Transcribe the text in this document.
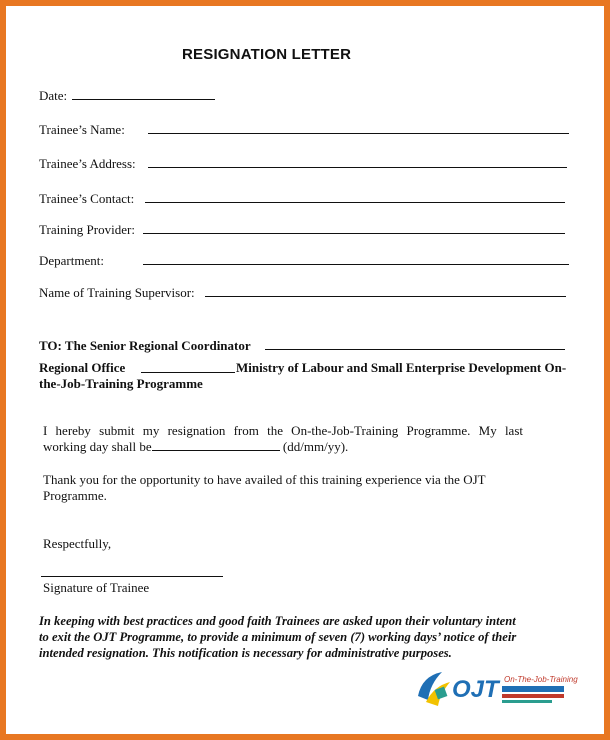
RESIGNATION LETTER
Date:
Trainee’s Name:
Trainee’s Address:
Trainee’s Contact:
Training Provider:
Department:
Name of Training Supervisor:
TO: The Senior Regional Coordinator
Regional Office	Ministry of Labour and Small Enterprise Development On-
the-Job-Training Programme
I hereby submit my resignation from the On-the-Job-Training Programme. My last
working day shall be	(dd/mm/yy).
Thank you for the opportunity to have availed of this training experience via the OJT
Programme.
Respectfully,
Signature of Trainee
In keeping with best practices and good faith Trainees are asked upon their voluntary intent
to exit the OJT Programme, to provide a minimum of seven (7) working days’ notice of their
intended resignation. This notification is necessary for administrative purposes.
OJT On-The-Job-Training
